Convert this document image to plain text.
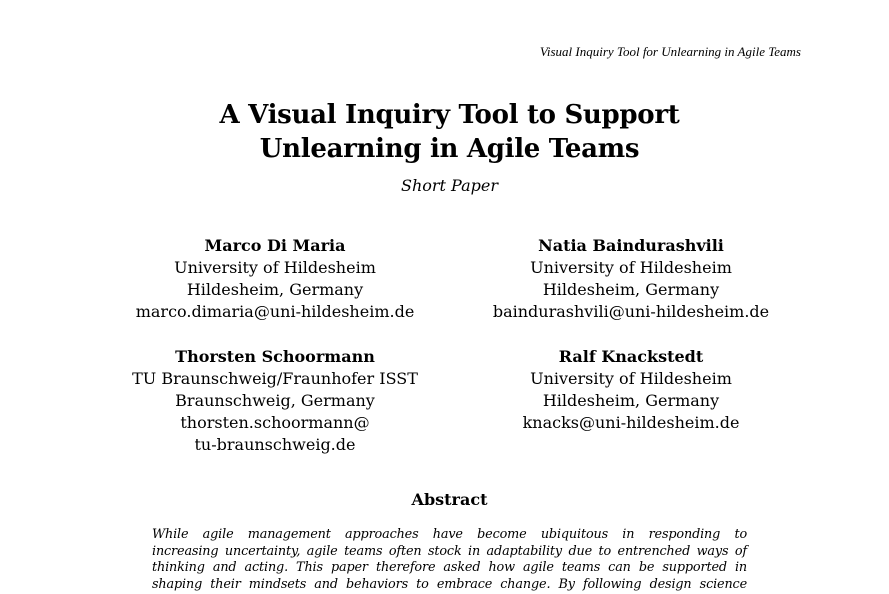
Visual Inquiry Tool for Unlearning in Agile Teams
A Visual Inquiry Tool to Support
Unlearning in Agile Teams
Short Paper
Marco Di Maria
University of Hildesheim
Hildesheim, Germany
marco.dimaria@uni-hildesheim.de
Natia Baindurashvili
University of Hildesheim
Hildesheim, Germany
baindurashvili@uni-hildesheim.de
Thorsten Schoormann
TU Braunschweig/Fraunhofer ISST
Braunschweig, Germany
thorsten.schoormann@
tu-braunschweig.de
Ralf Knackstedt
University of Hildesheim
Hildesheim, Germany
knacks@uni-hildesheim.de
Abstract
While agile management approaches have become ubiquitous in responding to
increasing uncertainty, agile teams often stock in adaptability due to entrenched ways of
thinking and acting. This paper therefore asked how agile teams can be supported in
shaping their mindsets and behaviors to embrace change. By following design science
